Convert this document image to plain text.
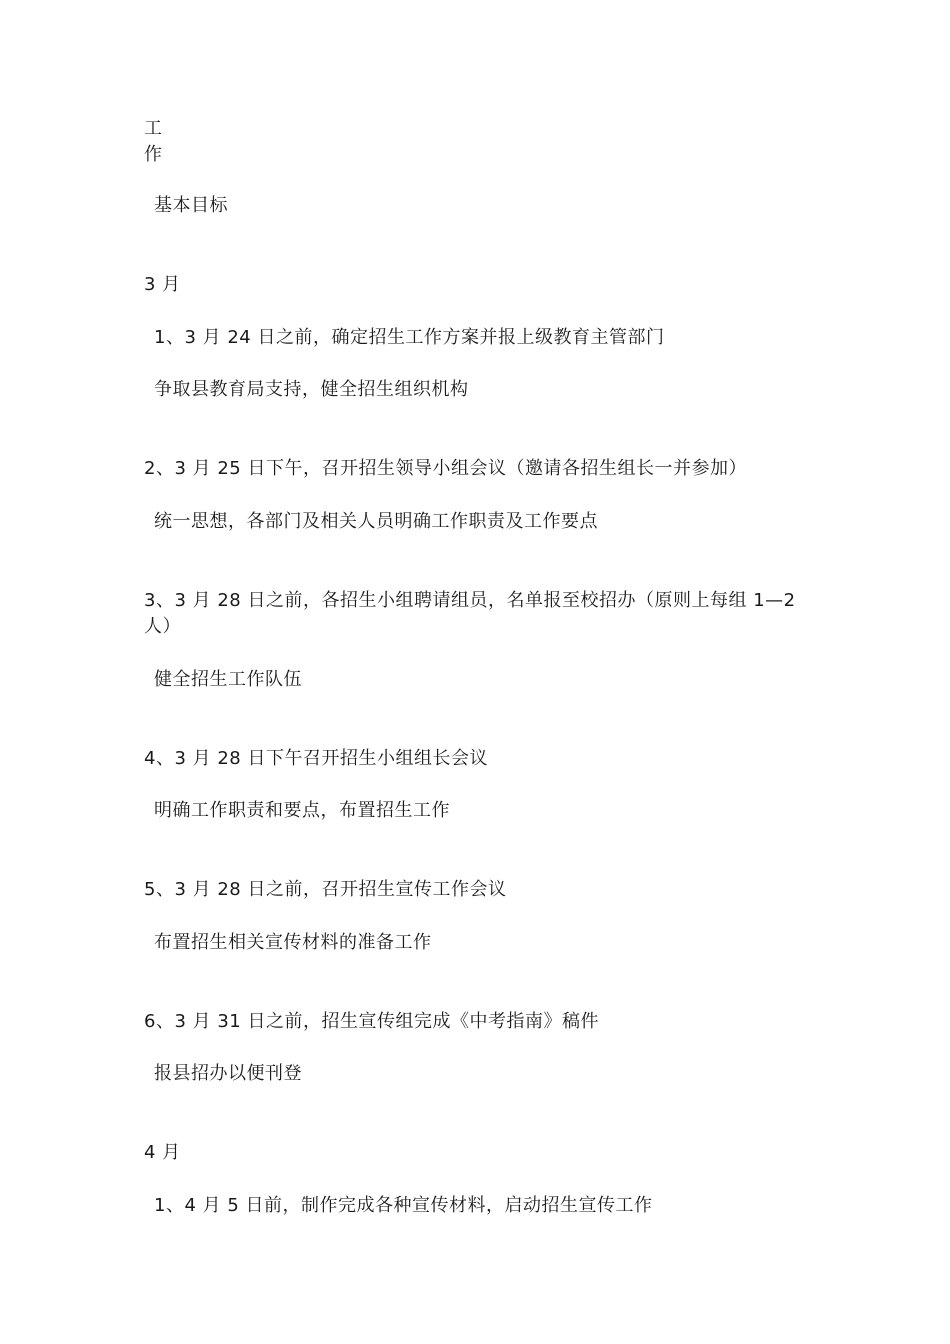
工
作
基本目标
3 月
1、3 月 24 日之前，确定招生工作方案并报上级教育主管部门
争取县教育局支持，健全招生组织机构
2、3 月 25 日下午，召开招生领导小组会议（邀请各招生组长一并参加）
统一思想，各部门及相关人员明确工作职责及工作要点
3、3 月 28 日之前，各招生小组聘请组员，名单报至校招办（原则上每组 1—2
人）
健全招生工作队伍
4、3 月 28 日下午召开招生小组组长会议
明确工作职责和要点，布置招生工作
5、3 月 28 日之前，召开招生宣传工作会议
布置招生相关宣传材料的准备工作
6、3 月 31 日之前，招生宣传组完成《中考指南》稿件
报县招办以便刊登
4 月
1、4 月 5 日前，制作完成各种宣传材料，启动招生宣传工作
